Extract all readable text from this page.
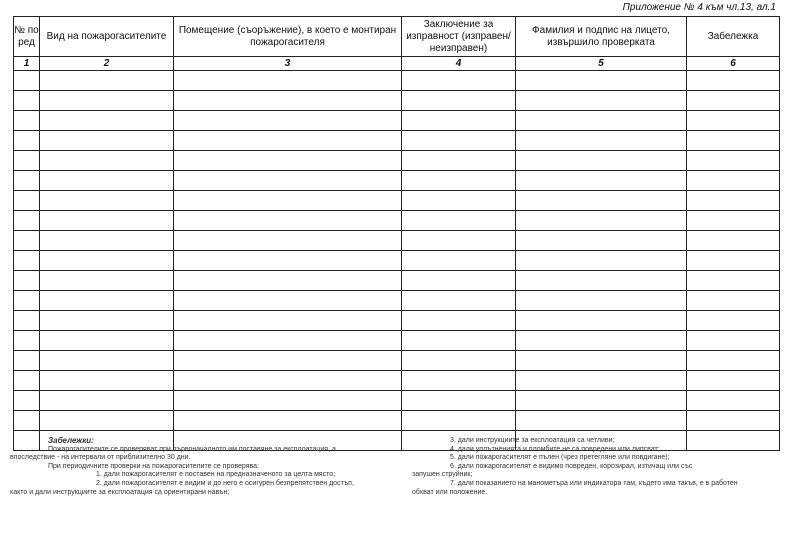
Приложение № 4 към чл.13, ал.1
№ по ред	Вид на пожарогасителите	Помещение (съоръжение), в което е монтиран пожарогасителя	Заключение за изправност (изправен/ неизправен)	Фамилия и подпис на лицето, извършило проверката	Забележка
1	2	3	4	5	6

Забележки:
Пожарогасителите се проверяват при първоначалното им поставяне за експлоатация, а
впоследствие - на интервали от приблизително 30 дни.
При периодичните проверки на пожарогасителите се проверява:
1. дали пожарогасителят е поставен на предназначеното за целта място;
2. дали пожарогасителят е видим и до него е осигурен безпрепятствен достъп,
както и дали инструкциите за експлоатация са ориентирани навън;
3. дали инструкциите за експлоатация са четливи;
4. дали уплътненията и пломбите не са повредени или липсват;
5. дали пожарогасителят е пълен (чрез претегляне или повдигане);
6. дали пожарогасителят е видимо повреден, корозирал, изтичащ или със
запушен струйник;
7. дали показанието на манометъра или индикатора там, където има такъв, е в работен
обхват или положение.
